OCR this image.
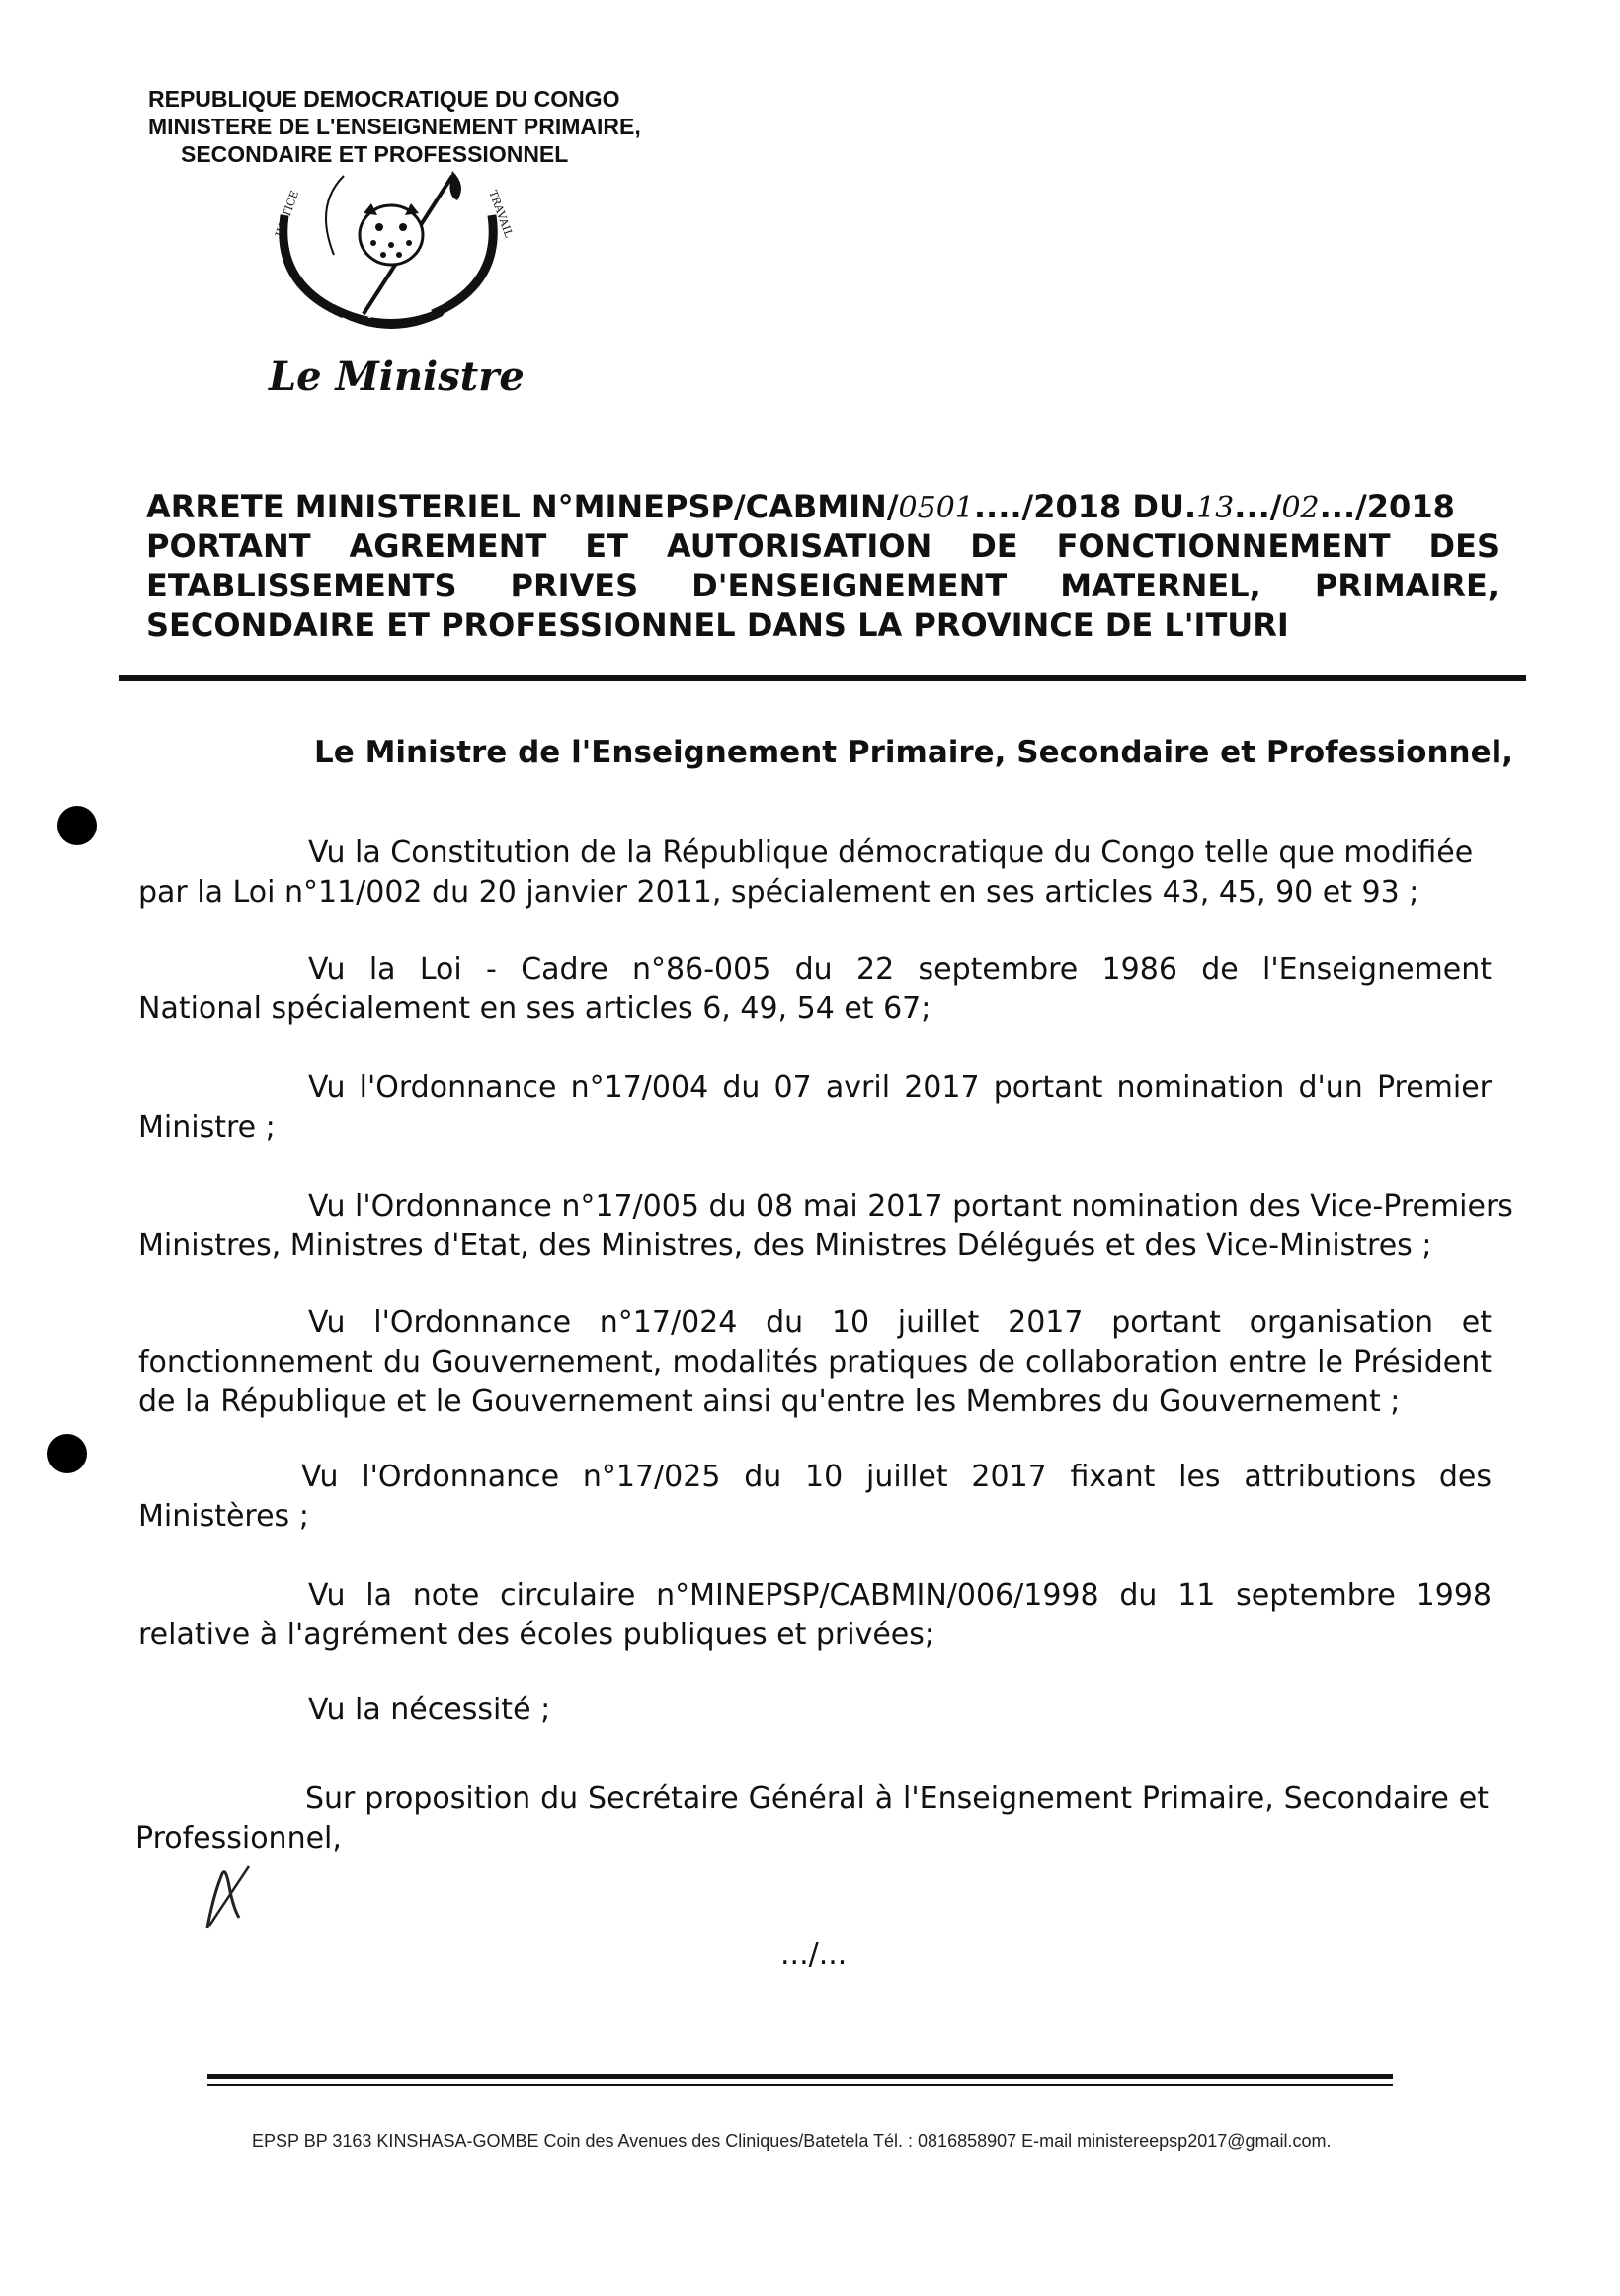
REPUBLIQUE DEMOCRATIQUE DU CONGO
MINISTERE DE L'ENSEIGNEMENT PRIMAIRE,
SECONDAIRE ET PROFESSIONNEL
JUSTICE
PAIX
TRAVAIL
Le Ministre
ARRETE MINISTERIEL N°MINEPSP/CABMIN/0501..../2018 DU.13.../02.../2018
PORTANT AGREMENT ET AUTORISATION DE FONCTIONNEMENT DES
ETABLISSEMENTS PRIVES D'ENSEIGNEMENT MATERNEL, PRIMAIRE,
SECONDAIRE ET PROFESSIONNEL DANS LA PROVINCE DE L'ITURI
Le Ministre de l'Enseignement Primaire, Secondaire et Professionnel,
Vu la Constitution de la République démocratique du Congo telle que modifiée
par la Loi n°11/002 du 20 janvier 2011, spécialement en ses articles 43, 45, 90 et 93 ;
Vu la Loi - Cadre n°86-005 du 22 septembre 1986 de l'Enseignement
National spécialement en ses articles 6, 49, 54 et 67;
Vu l'Ordonnance n°17/004 du 07 avril 2017 portant nomination d'un Premier
Ministre ;
Vu l'Ordonnance n°17/005 du 08 mai 2017 portant nomination des Vice-Premiers
Ministres, Ministres d'Etat, des Ministres, des Ministres Délégués et des Vice-Ministres ;
Vu l'Ordonnance n°17/024 du 10 juillet 2017 portant organisation et
fonctionnement du Gouvernement, modalités pratiques de collaboration entre le Président
de la République et le Gouvernement ainsi qu'entre les Membres du Gouvernement ;
Vu l'Ordonnance n°17/025 du 10 juillet 2017 fixant les attributions des
Ministères ;
Vu la note circulaire n°MINEPSP/CABMIN/006/1998 du 11 septembre 1998
relative à l'agrément des écoles publiques et privées;
Vu la nécessité ;
Sur proposition du Secrétaire Général à l'Enseignement Primaire, Secondaire et
Professionnel,
.../...
EPSP BP 3163 KINSHASA-GOMBE Coin des Avenues des Cliniques/Batetela Tél. : 0816858907 E-mail ministereepsp2017@gmail.com.
